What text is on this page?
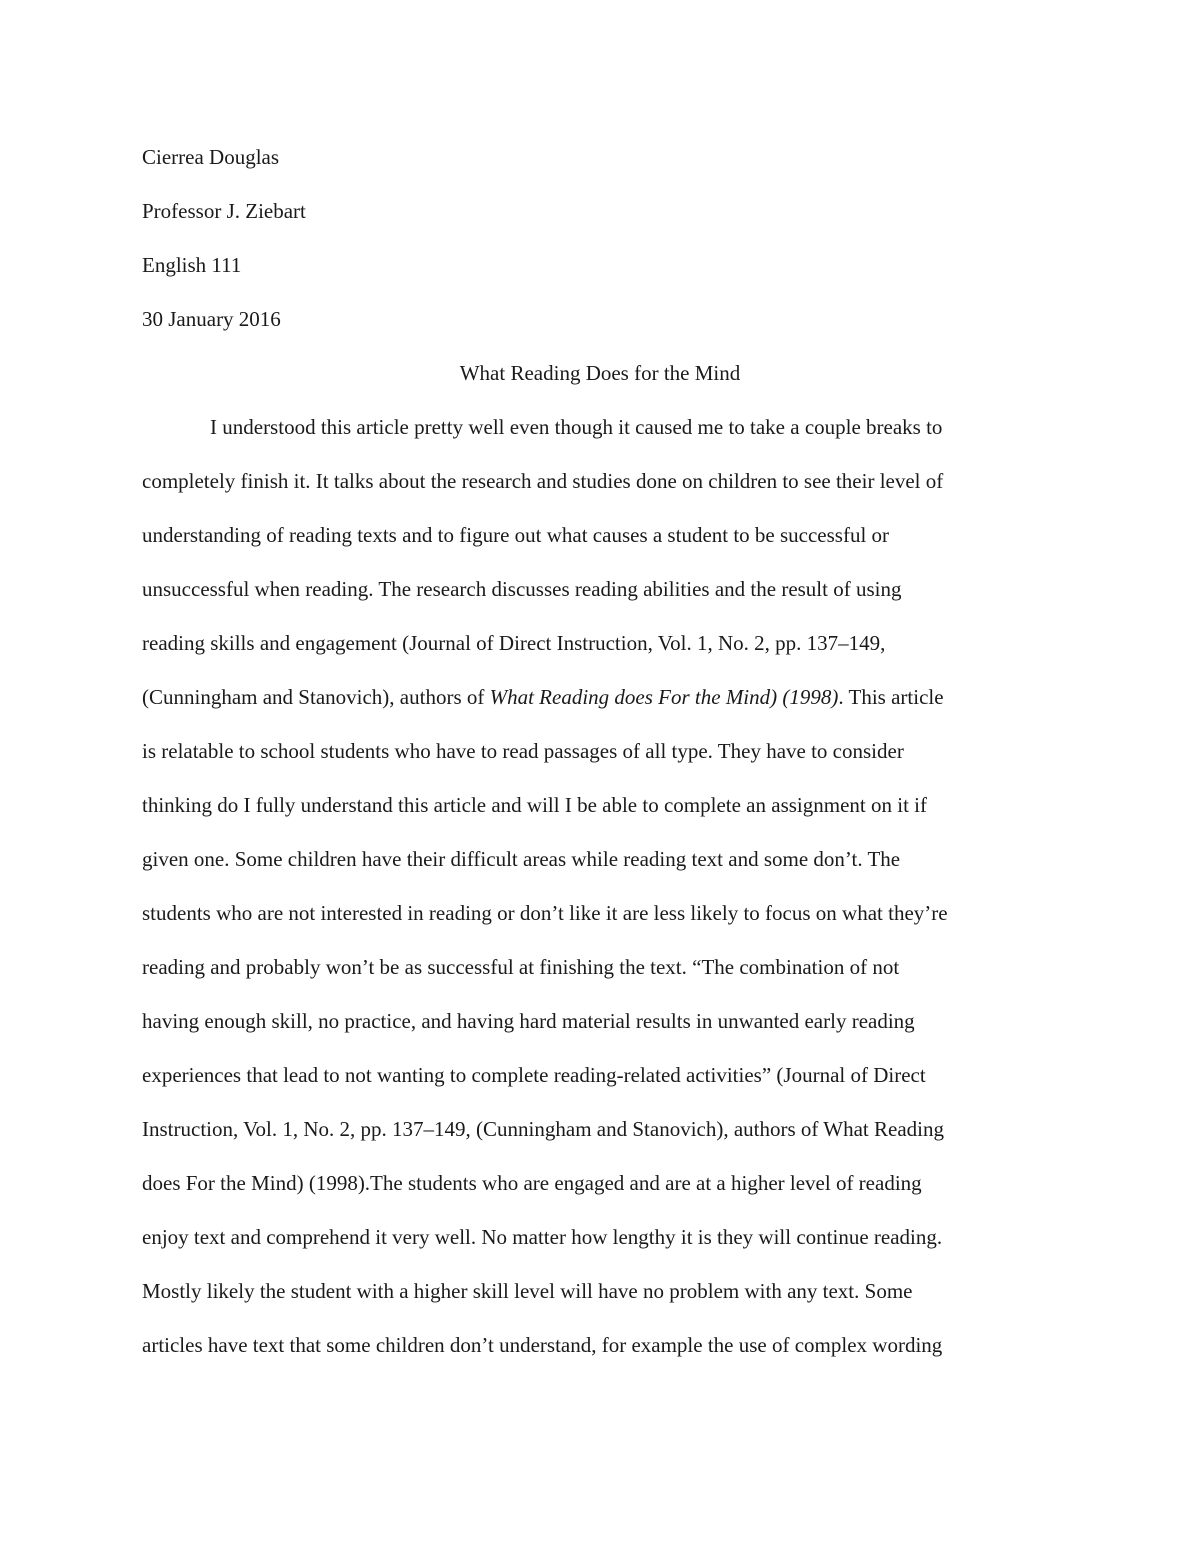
Cierrea Douglas
Professor J. Ziebart
English 111
30 January 2016
What Reading Does for the Mind
I understood this article pretty well even though it caused me to take a couple breaks to
completely finish it. It talks about the research and studies done on children to see their level of
understanding of reading texts and to figure out what causes a student to be successful or
unsuccessful when reading. The research discusses reading abilities and the result of using
reading skills and engagement (Journal of Direct Instruction, Vol. 1, No. 2, pp. 137–149,
(Cunningham and Stanovich), authors of What Reading does For the Mind) (1998). This article
is relatable to school students who have to read passages of all type. They have to consider
thinking do I fully understand this article and will I be able to complete an assignment on it if
given one. Some children have their difficult areas while reading text and some don’t. The
students who are not interested in reading or don’t like it are less likely to focus on what they’re
reading and probably won’t be as successful at finishing the text. “The combination of not
having enough skill, no practice, and having hard material results in unwanted early reading
experiences that lead to not wanting to complete reading-related activities” (Journal of Direct
Instruction, Vol. 1, No. 2, pp. 137–149, (Cunningham and Stanovich), authors of What Reading
does For the Mind) (1998).The students who are engaged and are at a higher level of reading
enjoy text and comprehend it very well. No matter how lengthy it is they will continue reading.
Mostly likely the student with a higher skill level will have no problem with any text. Some
articles have text that some children don’t understand, for example the use of complex wording
